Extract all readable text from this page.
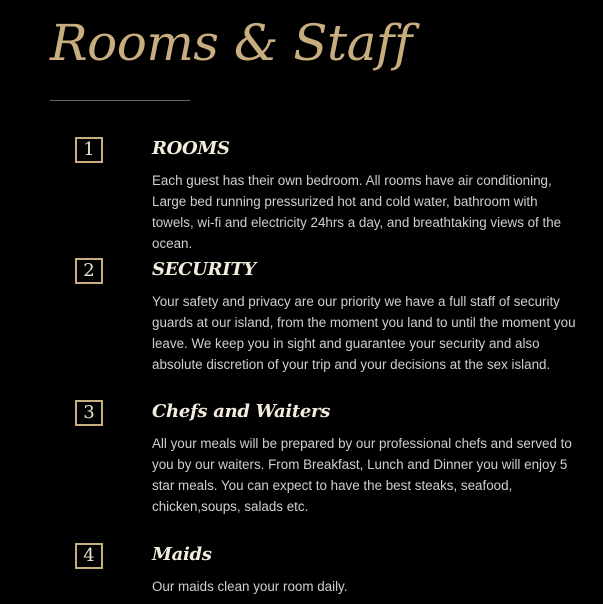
Rooms & Staff
1	ROOMS

Each guest has their own bedroom. All rooms have air conditioning, Large bed running pressurized hot and cold water, bathroom with towels, wi-fi and electricity 24hrs a day, and breathtaking views of the ocean.

2	SECURITY

Your safety and privacy are our priority we have a full staff of security guards at our island, from the moment you land to until the moment you leave. We keep you in sight and guarantee your security and also absolute discretion of your trip and your decisions at the sex island.

3	Chefs and Waiters

All your meals will be prepared by our professional chefs and served to you by our waiters. From Breakfast, Lunch and Dinner you will enjoy 5 star meals. You can expect to have the best steaks, seafood, chicken,soups, salads etc.

4	Maids

Our maids clean your room daily.
